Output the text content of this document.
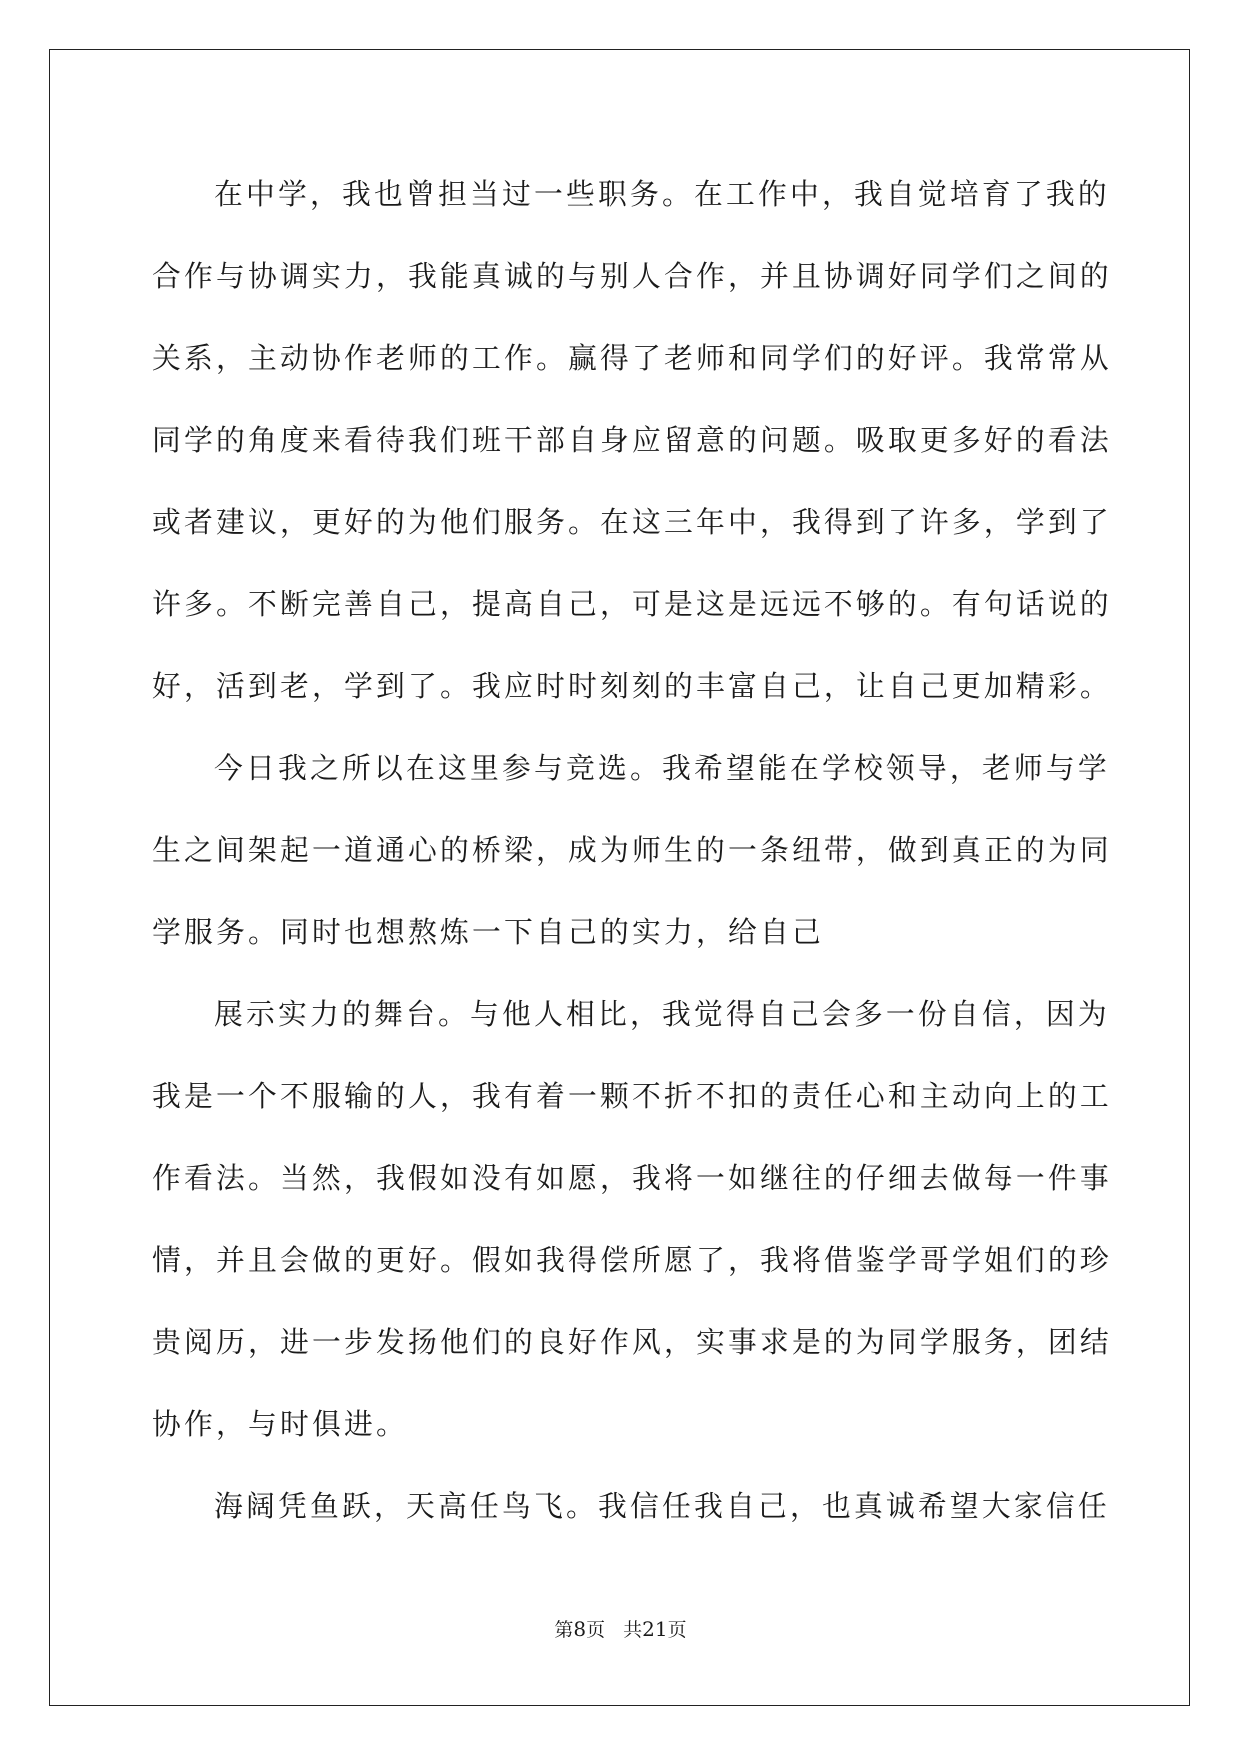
在中学，我也曾担当过一些职务。在工作中，我自觉培育了我的
合作与协调实力，我能真诚的与别人合作，并且协调好同学们之间的
关系，主动协作老师的工作。赢得了老师和同学们的好评。我常常从
同学的角度来看待我们班干部自身应留意的问题。吸取更多好的看法
或者建议，更好的为他们服务。在这三年中，我得到了许多，学到了
许多。不断完善自己，提高自己，可是这是远远不够的。有句话说的
好，活到老，学到了。我应时时刻刻的丰富自己，让自己更加精彩。
今日我之所以在这里参与竞选。我希望能在学校领导，老师与学
生之间架起一道通心的桥梁，成为师生的一条纽带，做到真正的为同
学服务。同时也想熬炼一下自己的实力，给自己
展示实力的舞台。与他人相比，我觉得自己会多一份自信，因为
我是一个不服输的人，我有着一颗不折不扣的责任心和主动向上的工
作看法。当然，我假如没有如愿，我将一如继往的仔细去做每一件事
情，并且会做的更好。假如我得偿所愿了，我将借鉴学哥学姐们的珍
贵阅历，进一步发扬他们的良好作风，实事求是的为同学服务，团结
协作，与时俱进。
海阔凭鱼跃，天高任鸟飞。我信任我自己，也真诚希望大家信任
第8页 共21页
